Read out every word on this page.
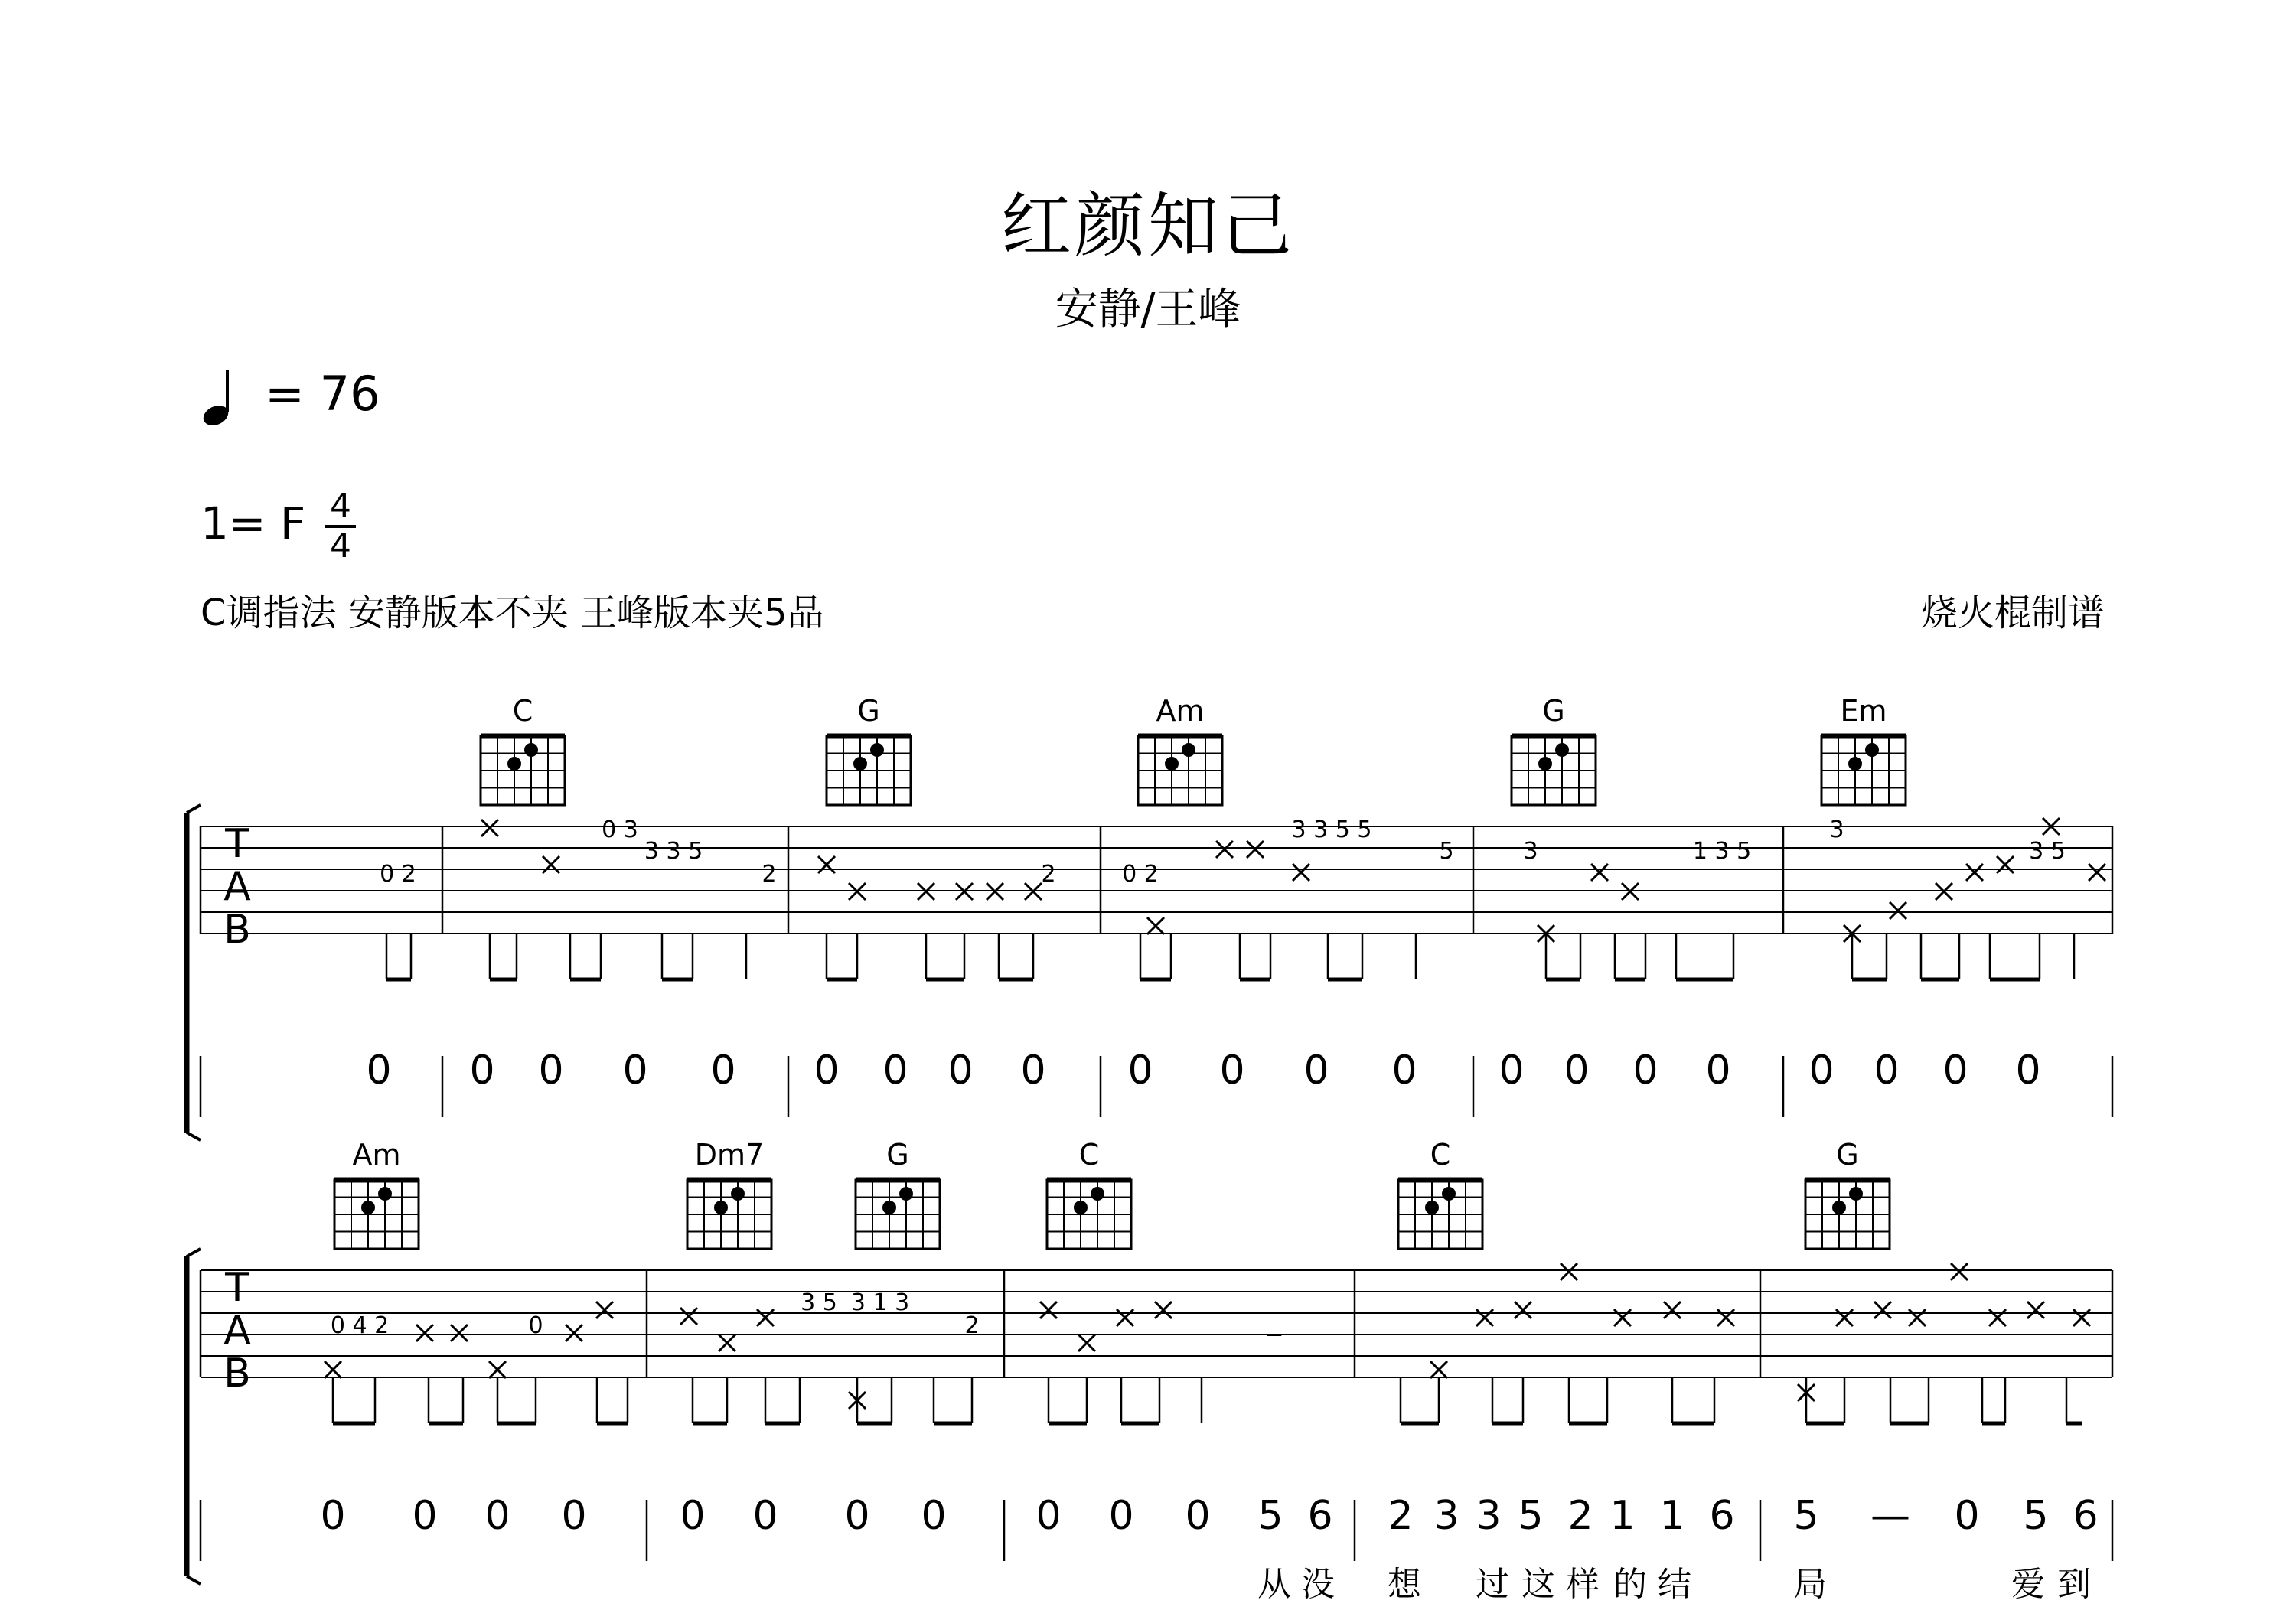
红颜知己
安静/王峰
= 76
1= F 4
4
C调指法 安静版本不夹 王峰版本夹5品	烧火棍制谱
T
A
B
C	G	Am	G	Em
0 2
0 3
3 3 5
2	2	0 2
3 3 5 5
5	3	1 3 5
3
3 5
0 0 0 0 0 0 0 0 0 0 0 0 0 0 0 0 0 0 0 0 0
T
A
B
Am	Dm7	G	C	C	G
0 4 2	0
3 5 3 1 3
2	−
0 0 0 0 0 0 0 0 0 0 0 5 6 2 3 3 5 2 1 1 6 5 — 0 5 6
从 没 想 过 这 样 的 结	局	爱 到
